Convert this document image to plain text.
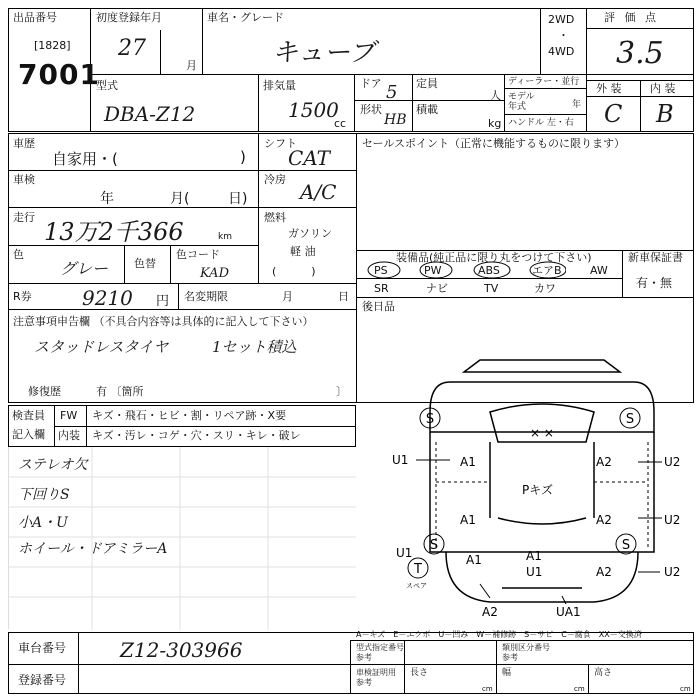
出品番号
[1828]
7001
初度登録年月
27
月
車名・グレード
キューブ
2WD
・
4WD
評 価 点
3.5
型式
DBA-Z12
排気量
1500
cc
ドア 5 定員
人
形状
HB
積載
kg
ディーラー・並行
モデル
年式	年
ハンドル 左・右
外 装	内 装
C B
車歴
自家用・(	)
シフト
CAT
セールスポイント（正常に機能するものに限ります）
車検
年	月(	日)
冷房
A/C
走行
13万2千366	km
燃料
ガソリン
軽 油
(          )
色
グレー 色替
色コード
KAD
装備品(純正品に限り丸をつけて下さい)	新車保証書
有・無
PS	PW	ABS	エアB	AW
SR	ナビ	TV	カワ
後日品
R券	9210 円 名変期限	月	日
注意事項申告欄 （不具合内容等は具体的に記入して下さい）
スタッドレスタイヤ	1セット積込
修復歴	有 〔箇所	〕
検査員
記入欄
FW キズ・飛石・ヒビ・割・リペア跡・X要
内装 キズ・汚レ・コゲ・穴・スリ・キレ・破レ
ステレオ欠
下回りS
小A・U
ホイール・ドアミラーA
S	S
S	S
T
U1	A1	A2	U2
× ×
Pキズ
A1	A2	U2
A1
U1
U1	A1
A2	U2
A2	UA1
スペア
A－キズ　E－エクボ　U－凹み　W－補修跡　S－サビ　C－腐食　XX－交換済
車台番号	Z12-303966
登録番号
型式指定番号
参考
類別区分番号
参考
車検証明用
参考
長さ	幅	高さ
cm	cm	cm
